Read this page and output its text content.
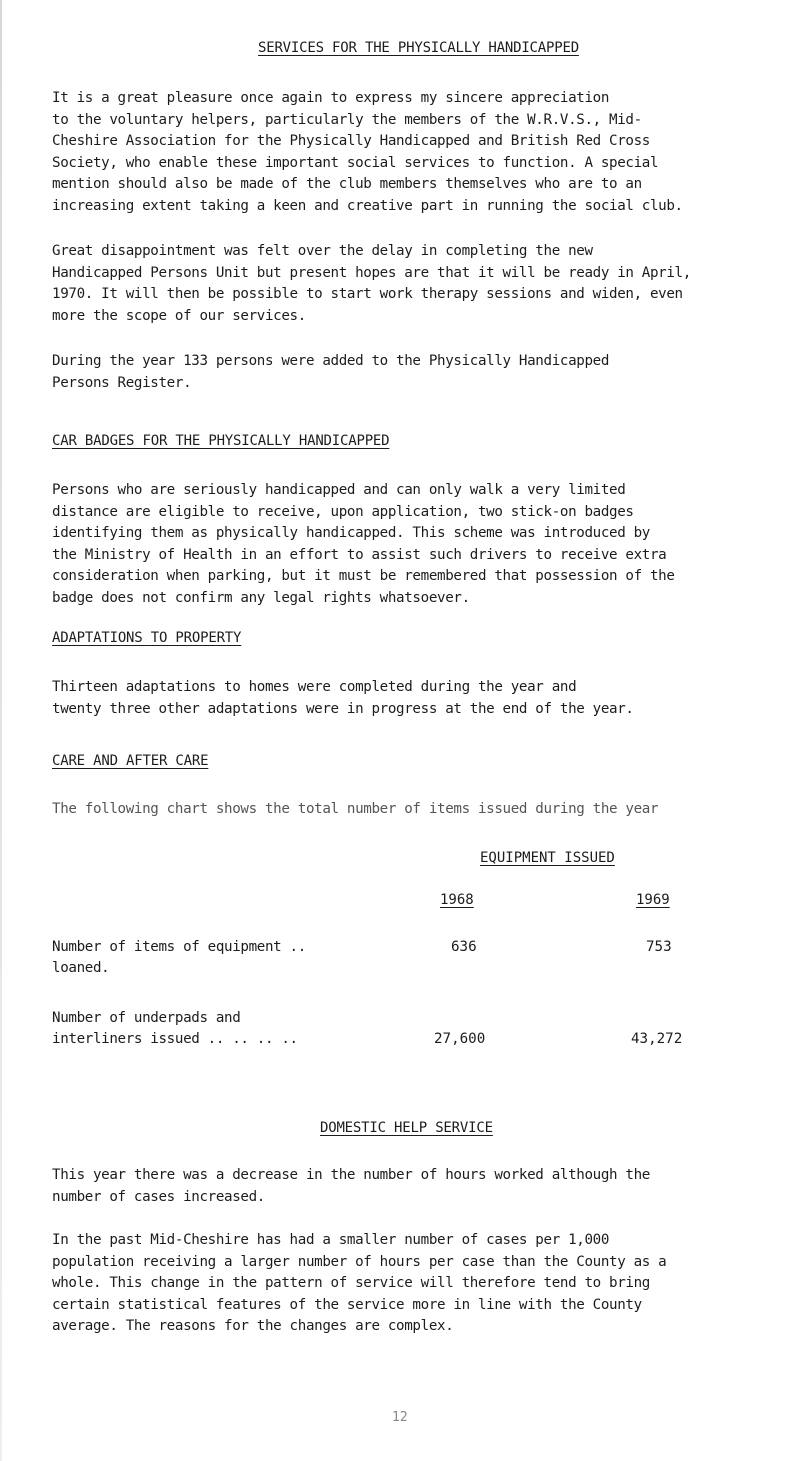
SERVICES FOR THE PHYSICALLY HANDICAPPED
It is a great pleasure once again to express my sincere appreciation
to the voluntary helpers, particularly the members of the W.R.V.S., Mid-
Cheshire Association for the Physically Handicapped and British Red Cross
Society, who enable these important social services to function. A special
mention should also be made of the club members themselves who are to an
increasing extent taking a keen and creative part in running the social club.
Great disappointment was felt over the delay in completing the new
Handicapped Persons Unit but present hopes are that it will be ready in April,
1970. It will then be possible to start work therapy sessions and widen, even
more the scope of our services.
During the year 133 persons were added to the Physically Handicapped
Persons Register.
CAR BADGES FOR THE PHYSICALLY HANDICAPPED
Persons who are seriously handicapped and can only walk a very limited
distance are eligible to receive, upon application, two stick-on badges
identifying them as physically handicapped. This scheme was introduced by
the Ministry of Health in an effort to assist such drivers to receive extra
consideration when parking, but it must be remembered that possession of the
badge does not confirm any legal rights whatsoever.
ADAPTATIONS TO PROPERTY
Thirteen adaptations to homes were completed during the year and
twenty three other adaptations were in progress at the end of the year.
CARE AND AFTER CARE
The following chart shows the total number of items issued during the year
EQUIPMENT ISSUED
1968	1969
Number of items of equipment ..
loaned.
636	753
Number of underpads and
interliners issued .. .. .. ..	27,600	43,272
DOMESTIC HELP SERVICE
This year there was a decrease in the number of hours worked although the
number of cases increased.
In the past Mid-Cheshire has had a smaller number of cases per 1,000
population receiving a larger number of hours per case than the County as a
whole. This change in the pattern of service will therefore tend to bring
certain statistical features of the service more in line with the County
average. The reasons for the changes are complex.
12
